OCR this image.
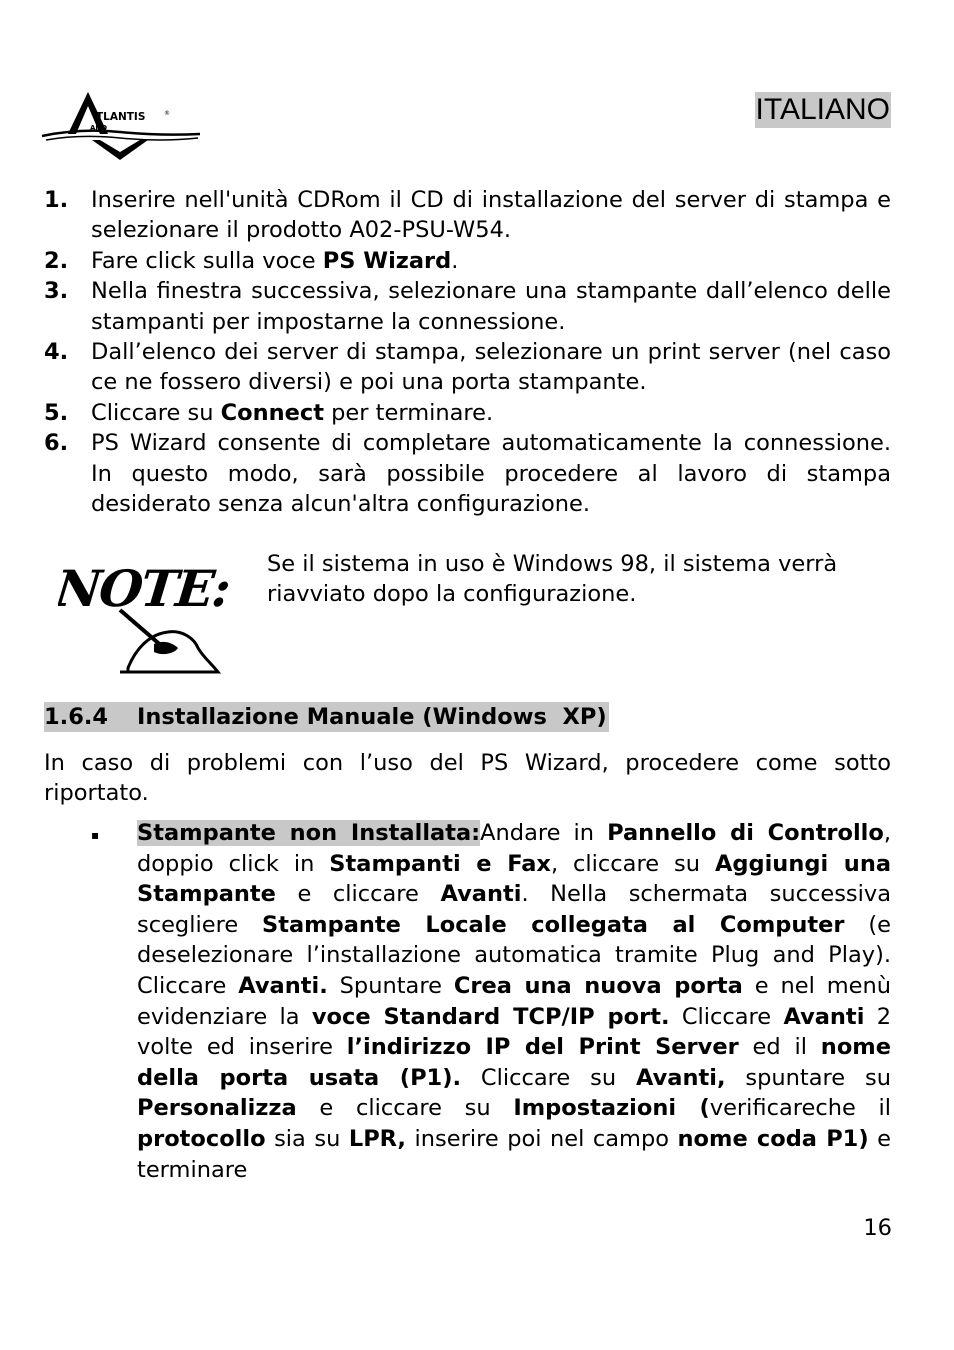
TLANTIS	®
AND
ITALIANO
1. Inserire nell'unità CDRom il CD di installazione del server di stampa e selezionare il prodotto A02-PSU-W54.
2. Fare click sulla voce PS Wizard.
3. Nella finestra successiva, selezionare una stampante dall’elenco delle stampanti per impostarne la connessione.
4. Dall’elenco dei server di stampa, selezionare un print server (nel caso ce ne fossero diversi) e poi una porta stampante.
5. Cliccare su Connect per terminare.
6. PS Wizard consente di completare automaticamente la connessione. In questo modo, sarà possibile procedere al lavoro di stampa desiderato senza alcun'altra configurazione.
NOTE: Se il sistema in uso è Windows 98, il sistema verrà riavviato dopo la configurazione.
1.6.4 Installazione Manuale (Windows  XP)
In caso di problemi con l’uso del PS Wizard, procedere come sotto riportato.
▪ Stampante non Installata:Andare in Pannello di Controllo, doppio click in Stampanti e Fax, cliccare su Aggiungi una Stampante e cliccare Avanti. Nella schermata successiva scegliere Stampante Locale collegata al Computer (e deselezionare l’installazione automatica tramite Plug and Play). Cliccare Avanti. Spuntare Crea una nuova porta e nel menù evidenziare la voce Standard TCP/IP port. Cliccare Avanti 2 volte ed inserire l’indirizzo IP del Print Server ed il nome della porta usata (P1). Cliccare su Avanti, spuntare su Personalizza e cliccare su Impostazioni (verificareche il protocollo sia su LPR, inserire poi nel campo nome coda P1) e terminare
16
